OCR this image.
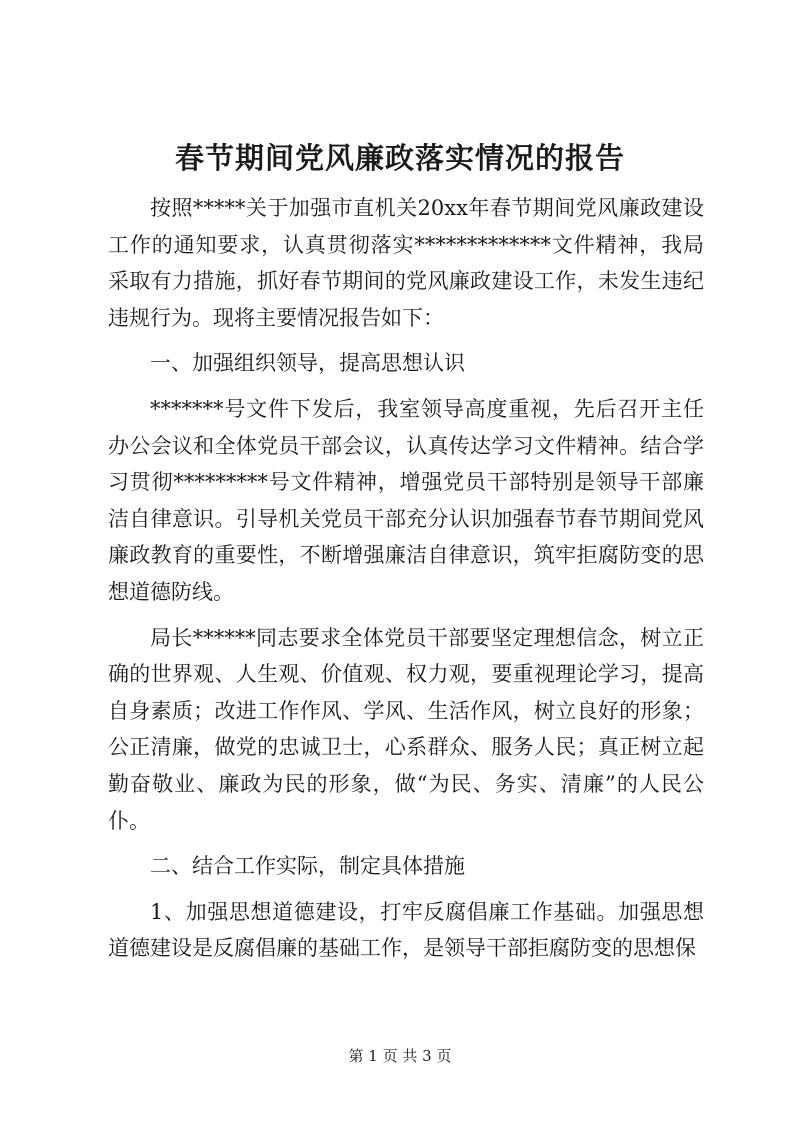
春节期间党风廉政落实情况的报告

按照*****关于加强市直机关20xx年春节期间党风廉政建设工作的通知要求，认真贯彻落实*************文件精神，我局采取有力措施，抓好春节期间的党风廉政建设工作，未发生违纪违规行为。现将主要情况报告如下：

一、加强组织领导，提高思想认识

*******号文件下发后，我室领导高度重视，先后召开主任办公会议和全体党员干部会议，认真传达学习文件精神。结合学习贯彻*********号文件精神，增强党员干部特别是领导干部廉洁自律意识。引导机关党员干部充分认识加强春节春节期间党风廉政教育的重要性，不断增强廉洁自律意识，筑牢拒腐防变的思想道德防线。

局长******同志要求全体党员干部要坚定理想信念，树立正确的世界观、人生观、价值观、权力观，要重视理论学习，提高自身素质；改进工作作风、学风、生活作风，树立良好的形象；公正清廉，做党的忠诚卫士，心系群众、服务人民；真正树立起勤奋敬业、廉政为民的形象，做“为民、务实、清廉”的人民公仆。

二、结合工作实际，制定具体措施

1、加强思想道德建设，打牢反腐倡廉工作基础。加强思想道德建设是反腐倡廉的基础工作，是领导干部拒腐防变的思想保

第 1 页 共 3 页
